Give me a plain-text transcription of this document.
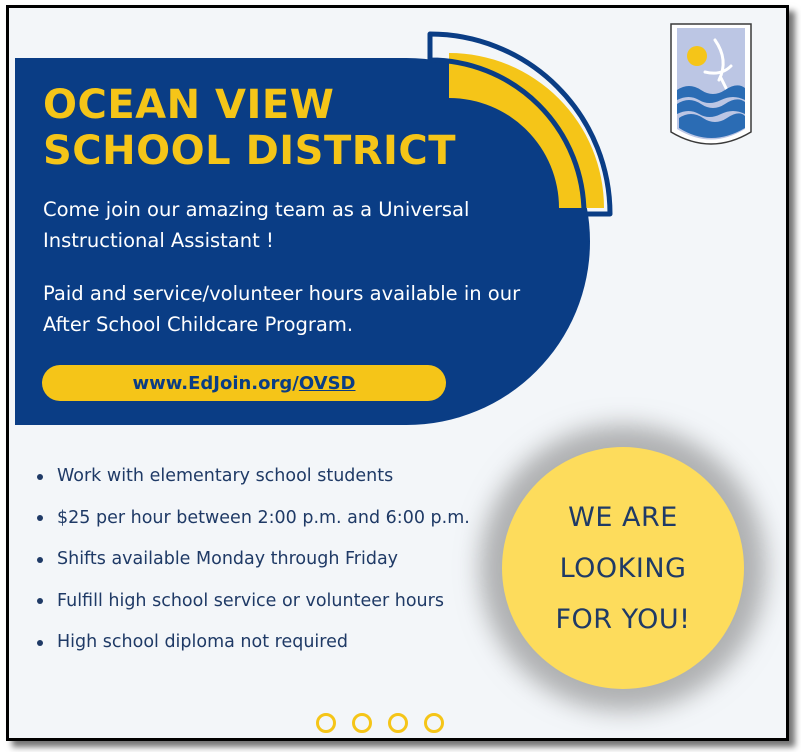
OCEAN VIEW
SCHOOL DISTRICT

Come join our amazing team as a Universal Instructional Assistant !

Paid and service/volunteer hours available in our After School Childcare Program.

www.EdJoin.org/ OVSD
Work with elementary school students
$25 per hour between 2:00 p.m. and 6:00 p.m.
Shifts available Monday through Friday
Fulfill high school service or volunteer hours
High school diploma not required
WE ARE
LOOKING
FOR YOU!
